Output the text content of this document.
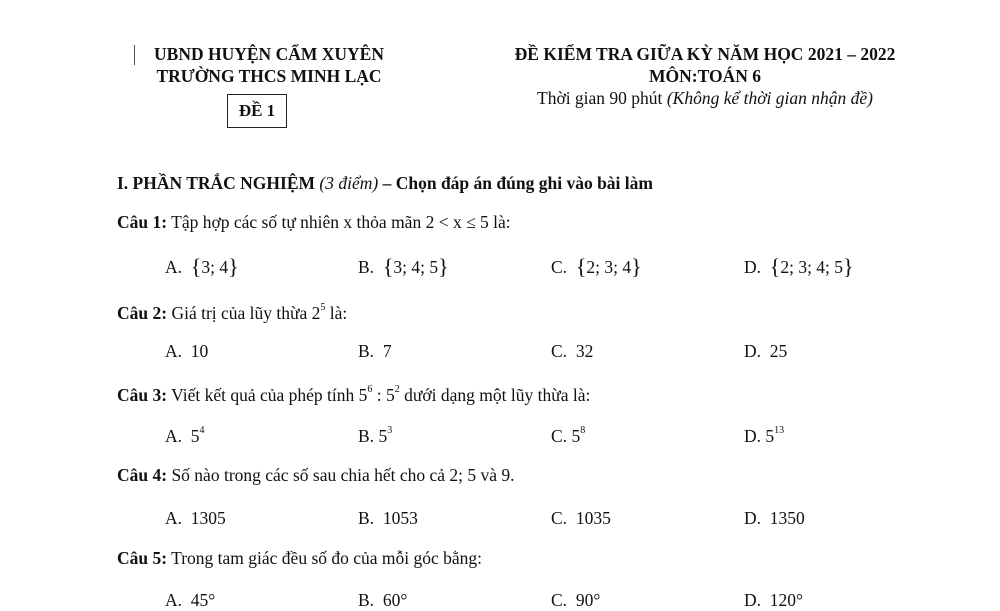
UBND HUYỆN CẨM XUYÊN
TRƯỜNG THCS MINH LẠC
ĐỀ 1
ĐỀ KIỂM TRA GIỮA KỲ NĂM HỌC 2021 – 2022
MÔN:TOÁN 6
Thời gian 90 phút (Không kể thời gian nhận đề)
I. PHẦN TRẮC NGHIỆM (3 điểm) – Chọn đáp án đúng ghi vào bài làm
Câu 1: Tập hợp các số tự nhiên x thỏa mãn 2 < x ≤ 5 là:
A. {3; 4}	B. {3; 4; 5}	C. {2; 3; 4}	D. {2; 3; 4; 5}
Câu 2: Giá trị của lũy thừa $2^5$ là:
A. 10	B. 7	C. 32	D. 25
Câu 3: Viết kết quả của phép tính $5^6$ : $5^2$ dưới dạng một lũy thừa là:
A. $5^4$	B. $5^3$	C. $5^8$	D. $5^{13}$
Câu 4: Số nào trong các số sau chia hết cho cả 2; 5 và 9.
A. 1305	B. 1053	C. 1035	D. 1350
Câu 5: Trong tam giác đều số đo của mỗi góc bằng:
A. 45°	B. 60°	C. 90°	D. 120°
